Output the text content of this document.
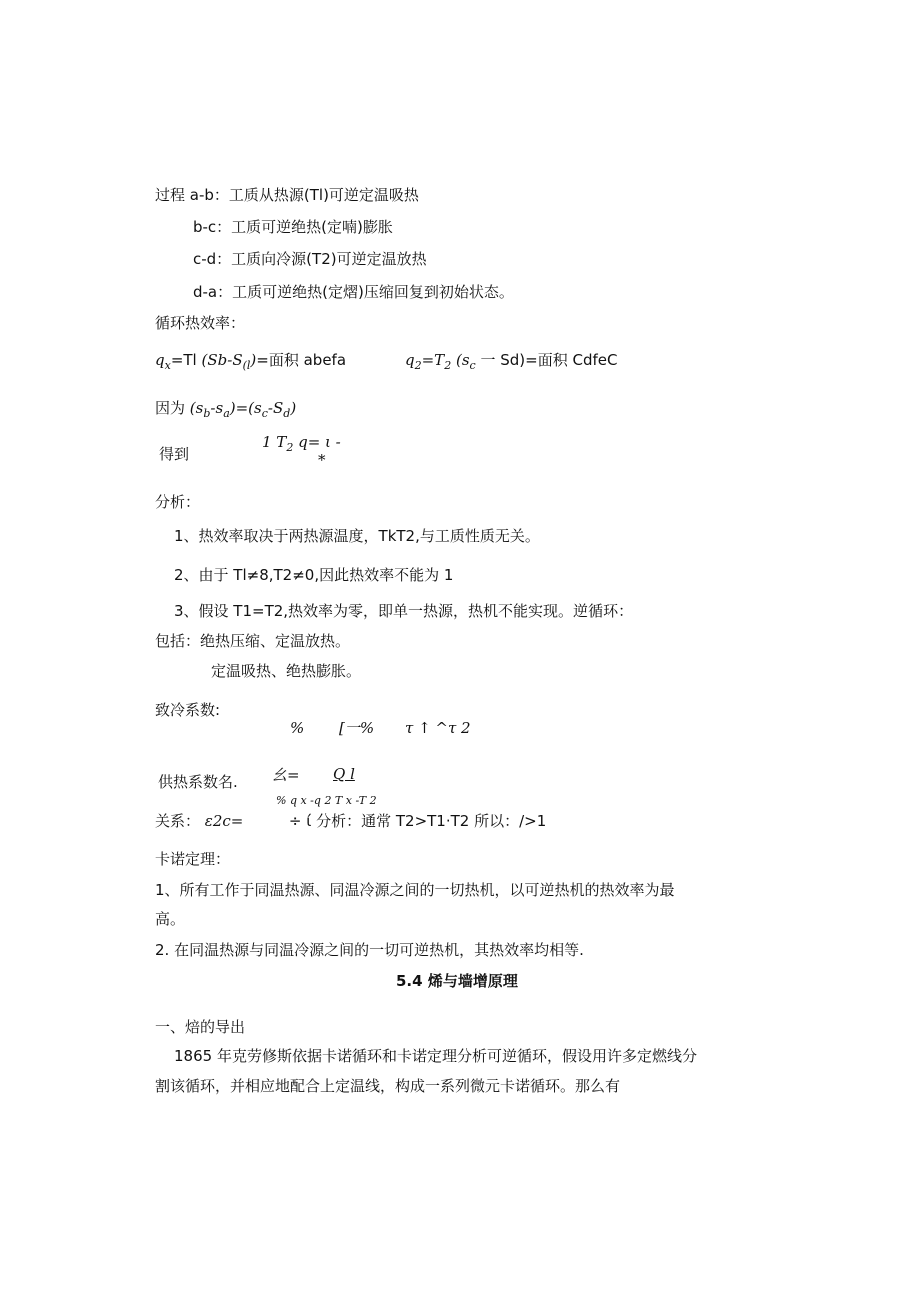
过程 a-b：工质从热源(Tl)可逆定温吸热
b-c：工质可逆绝热(定喃)膨胀
c-d：工质向冷源(T2)可逆定温放热
d-a：工质可逆绝热(定熠)压缩回复到初始状态。
循环热效率：
$q_x=Tl$ $(Sb-S_{(l})=$面积 abefa	$q_2=T_2$ ($s_c$ 一 Sd)=面积 CdfeC
因为 $(s_b-s_a)=(s_c-S_d)$
1 $T_2$ q= ι -
得到	*
分析：
1、热效率取决于两热源温度，TkT2,与工质性质无关。
2、由于 Tl≠8,T2≠0,因此热效率不能为 1
3、假设 T1=T2,热效率为零，即单一热源，热机不能实现。逆循环：
包括：绝热压缩、定温放热。
定温吸热、绝热膨胀。
致冷系数:
% [一% τ ↑ ^τ 2
供热系数名. 幺= Q l
% q x -q 2 T x -T 2
关系： ε2c=	÷ ί 分析：通常 T2>T1·T2 所以：/>1
卡诺定理：
1、所有工作于同温热源、同温冷源之间的一切热机，以可逆热机的热效率为最
高。
2. 在同温热源与同温冷源之间的一切可逆热机，其热效率均相等.
5.4 烯与墙增原理
一、焙的导出
1865 年克劳修斯依据卡诺循环和卡诺定理分析可逆循环，假设用许多定燃线分
割该循环，并相应地配合上定温线，构成一系列微元卡诺循环。那么有
